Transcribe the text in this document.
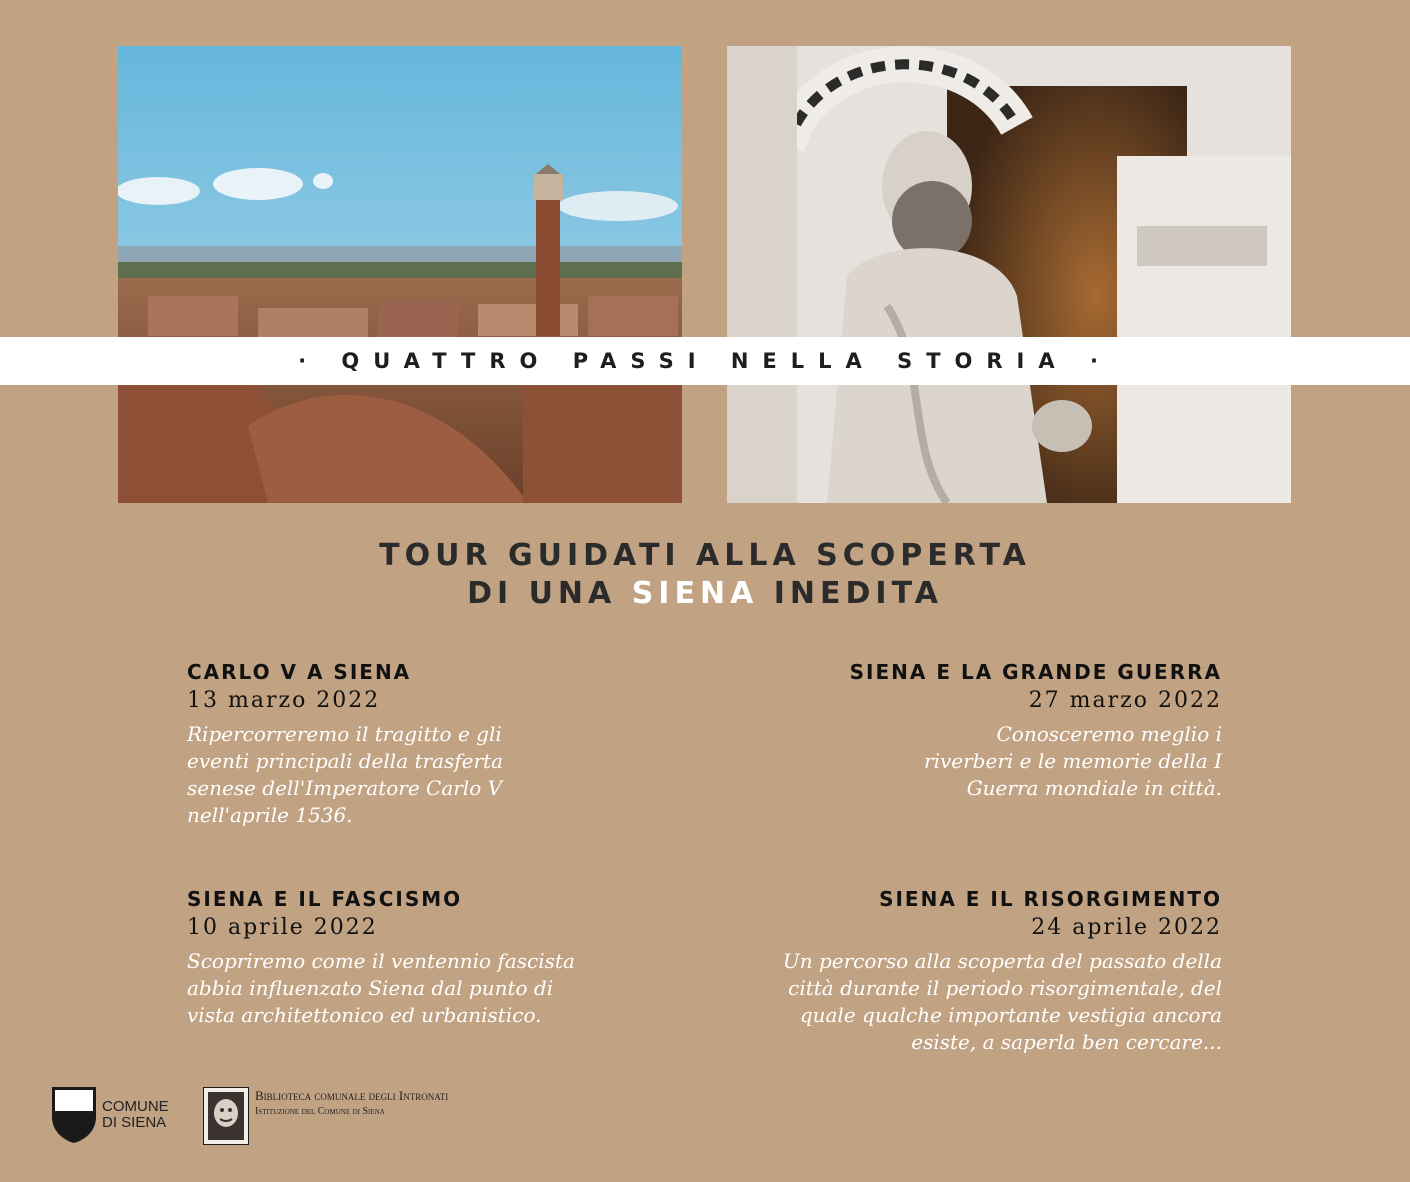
· QUATTRO PASSI NELLA STORIA ·
TOUR GUIDATI ALLA SCOPERTA
DI UNA SIENA INEDITA
CARLO V A SIENA
13 marzo 2022
Ripercorreremo il tragitto e gli
eventi principali della trasferta
senese dell'Imperatore Carlo V
nell'aprile 1536.
SIENA E LA GRANDE GUERRA
27 marzo 2022
Conosceremo meglio i
riverberi e le memorie della I
Guerra mondiale in città.
SIENA E IL FASCISMO
10 aprile 2022
Scopriremo come il ventennio fascista
abbia influenzato Siena dal punto di
vista architettonico ed urbanistico.
SIENA E IL RISORGIMENTO
24 aprile 2022
Un percorso alla scoperta del passato della
città durante il periodo risorgimentale, del
quale qualche importante vestigia ancora
esiste, a saperla ben cercare...
COMUNE
DI SIENA
Biblioteca comunale degli Intronati
Istituzione del Comune di Siena
